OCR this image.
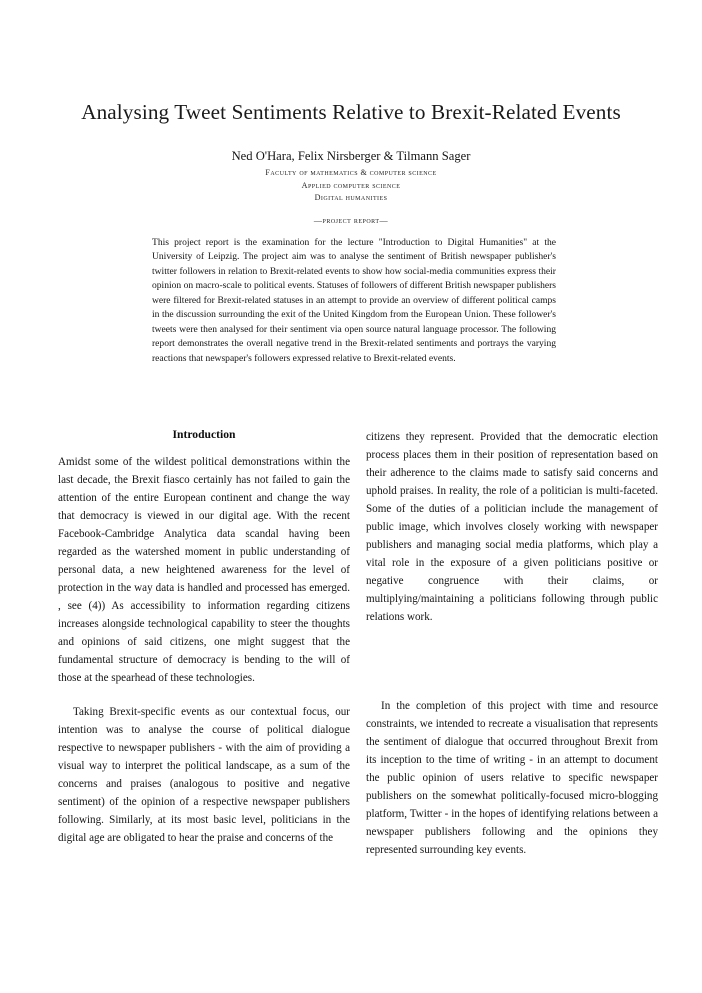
Analysing Tweet Sentiments Relative to Brexit-Related Events

Ned O'Hara, Felix Nirsberger & Tilmann Sager

Faculty of mathematics & computer science

Applied computer science

Digital humanities

—project report—

This project report is the examination for the lecture "Introduction to Digital Humanities" at the University of Leipzig. The project aim was to analyse the sentiment of British newspaper publisher's twitter followers in relation to Brexit-related events to show how social-media communities express their opinion on macro-scale to political events. Statuses of followers of different British newspaper publishers were filtered for Brexit-related statuses in an attempt to provide an overview of different political camps in the discussion surrounding the exit of the United Kingdom from the European Union. These follower's tweets were then analysed for their sentiment via open source natural language processor. The following report demonstrates the overall negative trend in the Brexit-related sentiments and portrays the varying reactions that newspaper's followers expressed relative to Brexit-related events.
Introduction

Amidst some of the wildest political demonstrations within the last decade, the Brexit fiasco certainly has not failed to gain the attention of the entire European continent and change the way that democracy is viewed in our digital age. With the recent Facebook-Cambridge Analytica data scandal having been regarded as the watershed moment in public understanding of personal data, a new heightened awareness for the level of protection in the way data is handled and processed has emerged. , see (4)) As accessibility to information regarding citizens increases alongside technological capability to steer the thoughts and opinions of said citizens, one might suggest that the fundamental structure of democracy is bending to the will of those at the spearhead of these technologies.

Taking Brexit-specific events as our contextual focus, our intention was to analyse the course of political dialogue respective to newspaper publishers - with the aim of providing a visual way to interpret the political landscape, as a sum of the concerns and praises (analogous to positive and negative sentiment) of the opinion of a respective newspaper publishers following. Similarly, at its most basic level, politicians in the digital age are obligated to hear the praise and concerns of the

citizens they represent. Provided that the democratic election process places them in their position of representation based on their adherence to the claims made to satisfy said concerns and uphold praises. In reality, the role of a politician is multi-faceted. Some of the duties of a politician include the management of public image, which involves closely working with newspaper publishers and managing social media platforms, which play a vital role in the exposure of a given politicians positive or negative congruence with their claims, or multiplying/maintaining a politicians following through public relations work.

In the completion of this project with time and resource constraints, we intended to recreate a visualisation that represents the sentiment of dialogue that occurred throughout Brexit from its inception to the time of writing - in an attempt to document the public opinion of users relative to specific newspaper publishers on the somewhat politically-focused micro-blogging platform, Twitter - in the hopes of identifying relations between a newspaper publishers following and the opinions they represented surrounding key events.
